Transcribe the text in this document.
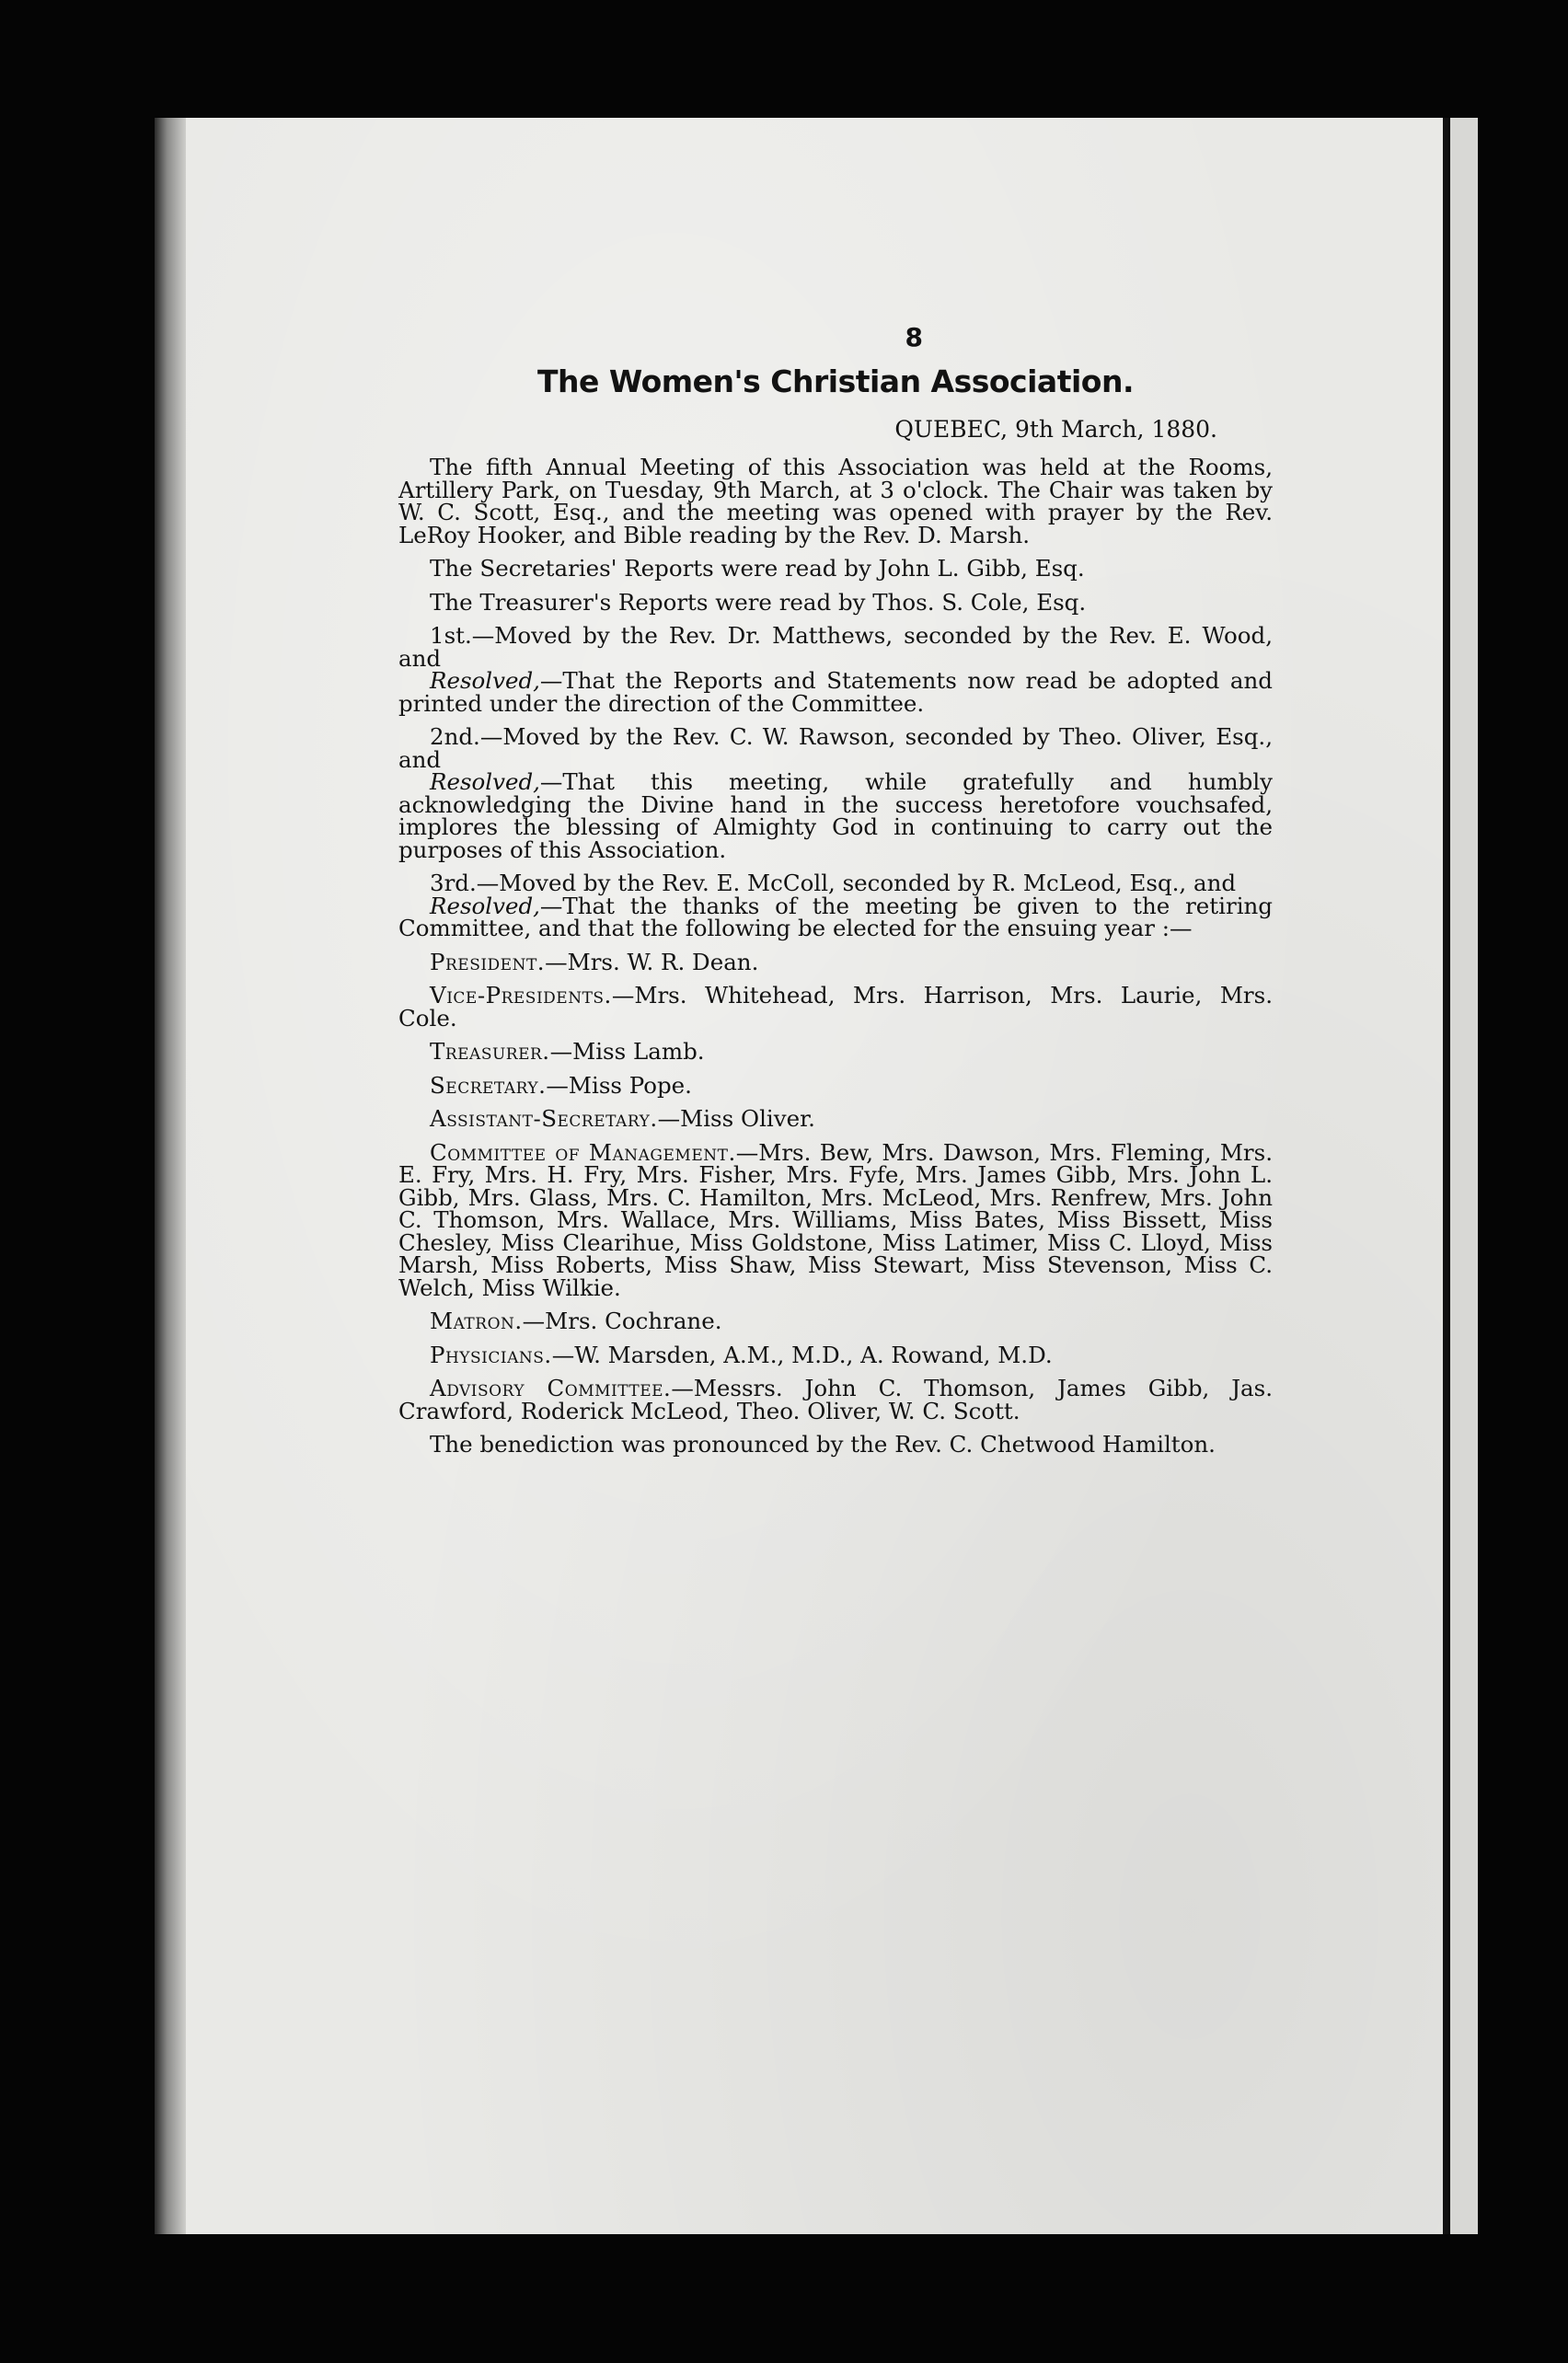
8
The Women's Christian Association.
QUEBEC, 9th March, 1880.

The fifth Annual Meeting of this Association was held at the Rooms, Artillery Park, on Tuesday, 9th March, at 3 o'clock. The Chair was taken by W. C. Scott, Esq., and the meeting was opened with prayer by the Rev. LeRoy Hooker, and Bible reading by the Rev. D. Marsh.

The Secretaries' Reports were read by John L. Gibb, Esq.

The Treasurer's Reports were read by Thos. S. Cole, Esq.

1st.—Moved by the Rev. Dr. Matthews, seconded by the Rev. E. Wood, and

Resolved,—That the Reports and Statements now read be adopted and printed under the direction of the Committee.

2nd.—Moved by the Rev. C. W. Rawson, seconded by Theo. Oliver, Esq., and

Resolved,—That this meeting, while gratefully and humbly acknowledging the Divine hand in the success heretofore vouchsafed, implores the blessing of Almighty God in continuing to carry out the purposes of this Association.

3rd.—Moved by the Rev. E. McColl, seconded by R. McLeod, Esq., and

Resolved,—That the thanks of the meeting be given to the retiring Committee, and that the following be elected for the ensuing year :—

President.—Mrs. W. R. Dean.

Vice-Presidents.—Mrs. Whitehead, Mrs. Harrison, Mrs. Laurie, Mrs. Cole.

Treasurer.—Miss Lamb.

Secretary.—Miss Pope.

Assistant-Secretary.—Miss Oliver.

Committee of Management.—Mrs. Bew, Mrs. Dawson, Mrs. Fleming, Mrs. E. Fry, Mrs. H. Fry, Mrs. Fisher, Mrs. Fyfe, Mrs. James Gibb, Mrs. John L. Gibb, Mrs. Glass, Mrs. C. Hamilton, Mrs. McLeod, Mrs. Renfrew, Mrs. John C. Thomson, Mrs. Wallace, Mrs. Williams, Miss Bates, Miss Bissett, Miss Chesley, Miss Clearihue, Miss Goldstone, Miss Latimer, Miss C. Lloyd, Miss Marsh, Miss Roberts, Miss Shaw, Miss Stewart, Miss Stevenson, Miss C. Welch, Miss Wilkie.

Matron.—Mrs. Cochrane.

Physicians.—W. Marsden, A.M., M.D., A. Rowand, M.D.

Advisory Committee.—Messrs. John C. Thomson, James Gibb, Jas. Crawford, Roderick McLeod, Theo. Oliver, W. C. Scott.

The benediction was pronounced by the Rev. C. Chetwood Hamilton.
